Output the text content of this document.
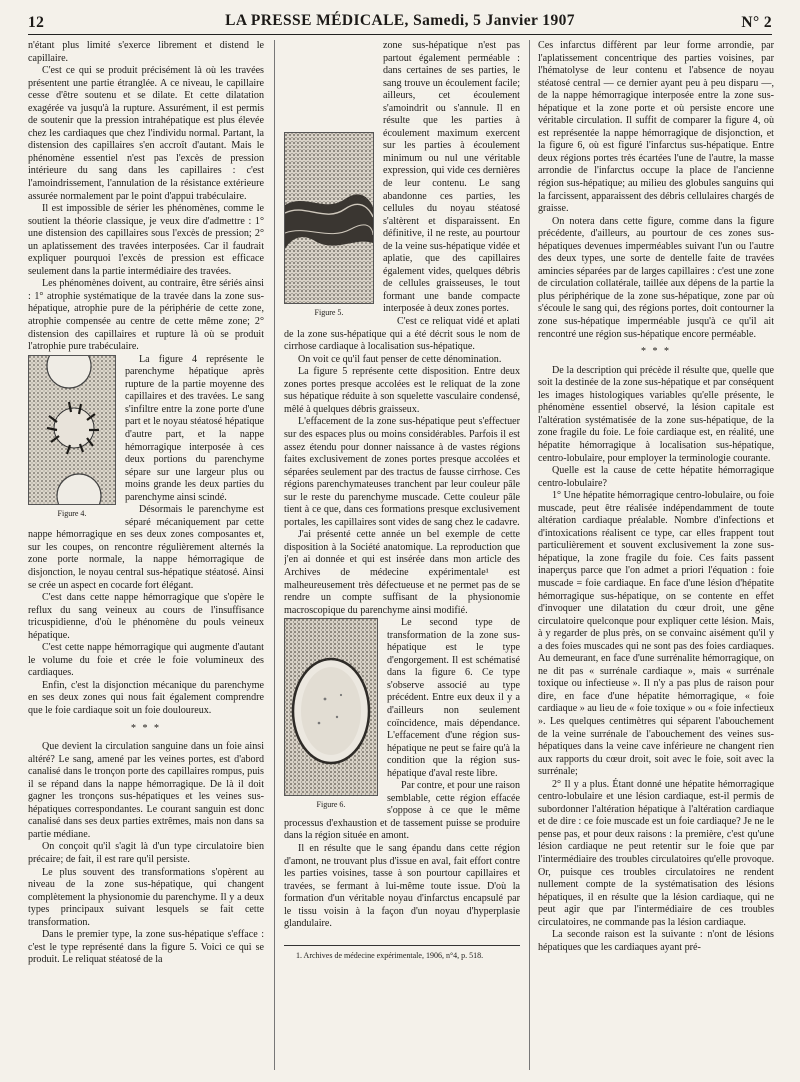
12	LA PRESSE MÉDICALE, Samedi, 5 Janvier 1907	N° 2

n'étant plus limité s'exerce librement et distend le capillaire.

C'est ce qui se produit précisément là où les travées présentent une partie étranglée. A ce niveau, le capillaire cesse d'être soutenu et se dilate. Et cette dilatation exagérée va jusqu'à la rupture. Assurément, il est permis de soutenir que la pression intrahépatique est plus élevée chez les cardiaques que chez l'individu normal. Partant, la distension des capillaires s'en accroît d'autant. Mais le phénomène essentiel n'est pas l'excès de pression intérieure du sang dans les capillaires : c'est l'amoindrissement, l'annulation de la résistance extérieure assurée normalement par le point d'appui trabéculaire.

Il est impossible de sérier les phénomènes, comme le soutient la théorie classique, je veux dire d'admettre : 1° une distension des capillaires sous l'excès de pression; 2° un aplatissement des travées interposées. Car il faudrait expliquer pourquoi l'excès de pression est efficace seulement dans la partie intermédiaire des travées.

Les phénomènes doivent, au contraire, être sériés ainsi : 1° atrophie systématique de la travée dans la zone sus-hépatique, atrophie pure de la périphérie de cette zone, atrophie compensée au centre de cette même zone; 2° distension des capillaires et rupture là où se produit l'atrophie pure trabéculaire.

Figure 4.

La figure 4 représente le parenchyme hépatique après rupture de la partie moyenne des capillaires et des travées. Le sang s'infiltre entre la zone porte d'une part et le noyau stéatosé hépatique d'autre part, et la nappe hémorragique interposée à ces deux portions du parenchyme sépare sur une largeur plus ou moins grande les deux parties du parenchyme ainsi scindé.

Désormais le parenchyme est séparé mécaniquement par cette nappe hémorragique en ses deux zones composantes et, sur les coupes, on rencontre régulièrement alternés la zone porte normale, la nappe hémorragique de disjonction, le noyau central sus-hépatique stéatosé. Ainsi se crée un aspect en cocarde fort élégant.

C'est dans cette nappe hémorragique que s'opère le reflux du sang veineux au cours de l'insuffisance tricuspidienne, d'où le phénomène du pouls veineux hépatique.

C'est cette nappe hémorragique qui augmente d'autant le volume du foie et crée le foie volumineux des cardiaques.

Enfin, c'est la disjonction mécanique du parenchyme en ses deux zones qui nous fait également comprendre que le foie cardiaque soit un foie douloureux.

* * *

Que devient la circulation sanguine dans un foie ainsi altéré? Le sang, amené par les veines portes, est d'abord canalisé dans le tronçon porte des capillaires rompus, puis il se répand dans la nappe hémorragique. De là il doit gagner les tronçons sus-hépatiques et les veines sus-hépatiques correspondantes. Le courant sanguin est donc canalisé dans ses deux parties extrêmes, mais non dans sa partie médiane.

On conçoit qu'il s'agit là d'un type circulatoire bien précaire; de fait, il est rare qu'il persiste.

Le plus souvent des transformations s'opèrent au niveau de la zone sus-hépatique, qui changent complètement la physionomie du parenchyme. Il y a deux types principaux suivant lesquels se fait cette transformation.

Dans le premier type, la zone sus-hépatique s'efface : c'est le type représenté dans la figure 5. Voici ce qui se produit. Le reliquat stéatosé de la

Figure 5.

zone sus-hépatique n'est pas partout également perméable : dans certaines de ses parties, le sang trouve un écoulement facile; ailleurs, cet écoulement s'amoindrit ou s'annule. Il en résulte que les parties à écoulement maximum exercent sur les parties à écoulement minimum ou nul une véritable expression, qui vide ces dernières de leur contenu. Le sang abandonne ces parties, les cellules du noyau stéatosé s'altèrent et disparaissent. En définitive, il ne reste, au pourtour de la veine sus-hépatique vidée et aplatie, que des capillaires également vides, quelques débris de cellules graisseuses, le tout formant une bande compacte interposée à deux zones portes.

C'est ce reliquat vidé et aplati de la zone sus-hépatique qui a été décrit sous le nom de cirrhose cardiaque à localisation sus-hépatique.

On voit ce qu'il faut penser de cette dénomination.

La figure 5 représente cette disposition. Entre deux zones portes presque accolées est le reliquat de la zone sus hépatique réduite à son squelette vasculaire condensé, mêlé à quelques débris graisseux.

L'effacement de la zone sus-hépatique peut s'effectuer sur des espaces plus ou moins considérables. Parfois il est assez étendu pour donner naissance à de vastes régions faites exclusivement de zones portes presque accolées et séparées seulement par des tractus de fausse cirrhose. Ces régions parenchymateuses tranchent par leur couleur pâle sur le reste du parenchyme muscade. Cette couleur pâle tient à ce que, dans ces formations presque exclusivement portales, les capillaires sont vides de sang chez le cadavre.

J'ai présenté cette année un bel exemple de cette disposition à la Société anatomique. La reproduction que j'en ai donnée et qui est insérée dans mon article des Archives de médecine expérimentale¹ est malheureusement très défectueuse et ne permet pas de se rendre un compte suffisant de la physionomie macroscopique du parenchyme ainsi modifié.

Figure 6.

Le second type de transformation de la zone sus-hépatique est le type d'engorgement. Il est schématisé dans la figure 6. Ce type s'observe associé au type précédent. Entre eux deux il y a d'ailleurs non seulement coïncidence, mais dépendance. L'effacement d'une région sus-hépatique ne peut se faire qu'à la condition que la région sus-hépatique d'aval reste libre.

Par contre, et pour une raison semblable, cette région effacée s'oppose à ce que le même processus d'exhaustion et de tassement puisse se produire dans la région située en amont.

Il en résulte que le sang épandu dans cette région d'amont, ne trouvant plus d'issue en aval, fait effort contre les parties voisines, tasse à son pourtour capillaires et travées, se fermant à lui-même toute issue. D'où la formation d'un véritable noyau d'infarctus encapsulé par le tissu voisin à la façon d'un noyau d'hyperplasie glandulaire.

1. Archives de médecine expérimentale, 1906, n°4, p. 518.

Ces infarctus diffèrent par leur forme arrondie, par l'aplatissement concentrique des parties voisines, par l'hématolyse de leur contenu et l'absence de noyau stéatosé central — ce dernier ayant peu à peu disparu —, de la nappe hémorragique interposée entre la zone sus-hépatique et la zone porte et où persiste encore une véritable circulation. Il suffit de comparer la figure 4, où est représentée la nappe hémorragique de disjonction, et la figure 6, où est figuré l'infarctus sus-hépatique. Entre deux régions portes très écartées l'une de l'autre, la masse arrondie de l'infarctus occupe la place de l'ancienne région sus-hépatique; au milieu des globules sanguins qui la farcissent, apparaissent des débris cellulaires chargés de graisse.

On notera dans cette figure, comme dans la figure précédente, d'ailleurs, au pourtour de ces zones sus-hépatiques devenues imperméables suivant l'un ou l'autre des deux types, une sorte de dentelle faite de travées amincies séparées par de larges capillaires : c'est une zone de circulation collatérale, taillée aux dépens de la partie la plus périphérique de la zone sus-hépatique, zone par où s'écoule le sang qui, des régions portes, doit contourner la zone sus-hépatique imperméable jusqu'à ce qu'il ait rencontré une région sus-hépatique encore perméable.

* * *

De la description qui précède il résulte que, quelle que soit la destinée de la zone sus-hépatique et par conséquent les images histologiques variables qu'elle présente, le phénomène essentiel observé, la lésion capitale est l'altération systématisée de la zone sus-hépatique, de la zone fragile du foie. Le foie cardiaque est, en réalité, une hépatite hémorragique à localisation sus-hépatique, centro-lobulaire, pour employer la terminologie courante.

Quelle est la cause de cette hépatite hémorragique centro-lobulaire?

1° Une hépatite hémorragique centro-lobulaire, ou foie muscade, peut être réalisée indépendamment de toute altération cardiaque préalable. Nombre d'infections et d'intoxications réalisent ce type, car elles frappent tout particulièrement et souvent exclusivement la zone sus-hépatique, la zone fragile du foie. Ces faits passent inaperçus parce que l'on admet a priori l'équation : foie muscade = foie cardiaque. En face d'une lésion d'hépatite hémorragique sus-hépatique, on se contente en effet d'invoquer une dilatation du cœur droit, une gêne circulatoire quelconque pour expliquer cette lésion. Mais, à y regarder de plus près, on se convainc aisément qu'il y a des foies muscades qui ne sont pas des foies cardiaques. Au demeurant, en face d'une surrénalite hémorragique, on ne dit pas « surrénale cardiaque », mais « surrénale toxique ou infectieuse ». Il n'y a pas plus de raison pour dire, en face d'une hépatite hémorragique, « foie cardiaque » au lieu de « foie toxique » ou « foie infectieux ». Les quelques centimètres qui séparent l'abouchement de la veine surrénale de l'abouchement des veines sus-hépatiques dans la veine cave inférieure ne changent rien aux rapports du cœur droit, soit avec le foie, soit avec la surrénale;

2° Il y a plus. Étant donné une hépatite hémorragique centro-lobulaire et une lésion cardiaque, est-il permis de subordonner l'altération hépatique à l'altération cardiaque et de dire : ce foie muscade est un foie cardiaque? Je ne le pense pas, et pour deux raisons : la première, c'est qu'une lésion cardiaque ne peut retentir sur le foie que par l'intermédiaire des troubles circulatoires qu'elle provoque. Or, puisque ces troubles circulatoires ne rendent nullement compte de la systématisation des lésions hépatiques, il en résulte que la lésion cardiaque, qui ne peut agir que par l'intermédiaire de ces troubles circulatoires, ne commande pas la lésion cardiaque.

La seconde raison est la suivante : n'ont de lésions hépatiques que les cardiaques ayant pré-
